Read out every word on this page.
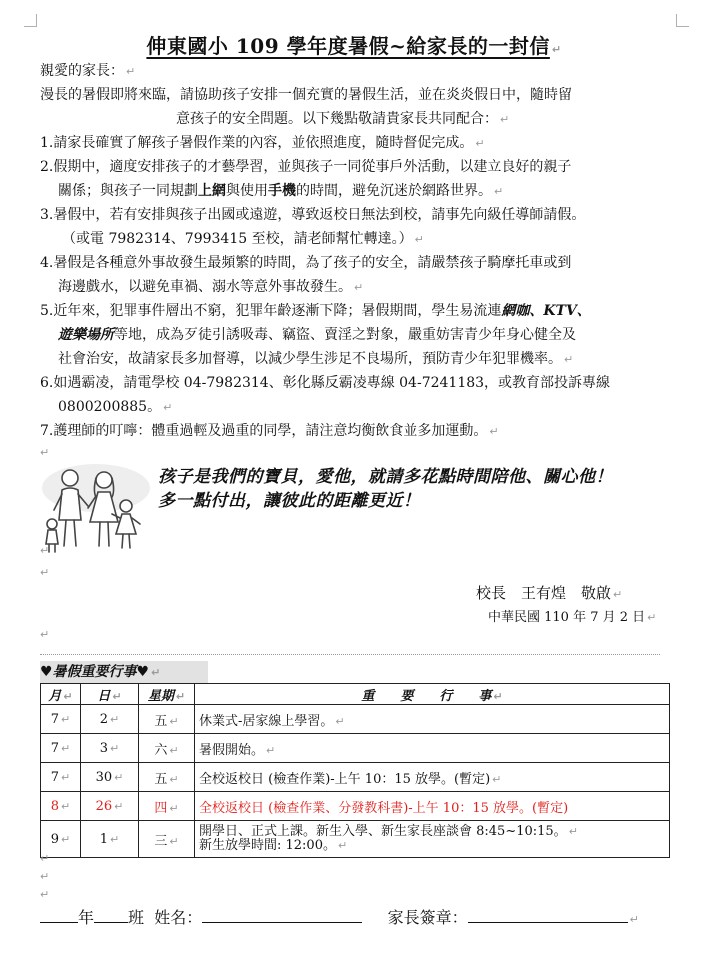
伸東國小 109 學年度暑假~給家長的一封信 ↵
親愛的家長： ↵
漫長的暑假即將來臨，請協助孩子安排一個充實的暑假生活，並在炎炎假日中，隨時留
意孩子的安全問題。以下幾點敬請貴家長共同配合： ↵
1.請家長確實了解孩子暑假作業的內容，並依照進度，隨時督促完成。 ↵
2.假期中，適度安排孩子的才藝學習，並與孩子一同從事戶外活動，以建立良好的親子
關係；與孩子一同規劃上網與使用手機的時間，避免沉迷於網路世界。 ↵
3.暑假中，若有安排與孩子出國或遠遊，導致返校日無法到校，請事先向級任導師請假。
（或電 7982314、7993415 至校，請老師幫忙轉達。） ↵
4.暑假是各種意外事故發生最頻繁的時間，為了孩子的安全，請嚴禁孩子騎摩托車或到
海邊戲水，以避免車禍、溺水等意外事故發生。 ↵
5.近年來，犯罪事件層出不窮，犯罪年齡逐漸下降；暑假期間，學生易流連網咖、KTV、
遊樂場所等地，成為歹徒引誘吸毒、竊盜、賣淫之對象，嚴重妨害青少年身心健全及
社會治安，故請家長多加督導，以減少學生涉足不良場所，預防青少年犯罪機率。 ↵
6.如遇霸凌，請電學校 04-7982314、彰化縣反霸凌專線 04-7241183，或教育部投訴專線
0800200885。 ↵
7.護理師的叮嚀：體重過輕及過重的同學，請注意均衡飲食並多加運動。 ↵
↵
孩子是我們的寶貝，愛他，就請多花點時間陪他、關心他！
多一點付出，讓彼此的距離更近！
↵
↵
校長　王有煌　敬啟 ↵
中華民國 110 年 7 月 2 日 ↵
↵
♥暑假重要行事♥ ↵
月 ↵	日 ↵	星期 ↵	重　　要　　行　　事 ↵
7 ↵	2 ↵	五 ↵	休業式-居家線上學習。 ↵
7 ↵	3 ↵	六 ↵	暑假開始。 ↵
7 ↵	30 ↵	五 ↵	全校返校日 (檢查作業)-上午 10：15 放學。(暫定) ↵
8 ↵	26 ↵	四 ↵	全校返校日 (檢查作業、分發教科書)-上午 10：15 放學。(暫定)
9 ↵	1 ↵	三 ↵	開學日、正式上課。新生入學、新生家長座談會 8:45~10:15。 ↵
新生放學時間: 12:00。 ↵
↵
↵
↵
年 班 姓名：	家長簽章：	↵
